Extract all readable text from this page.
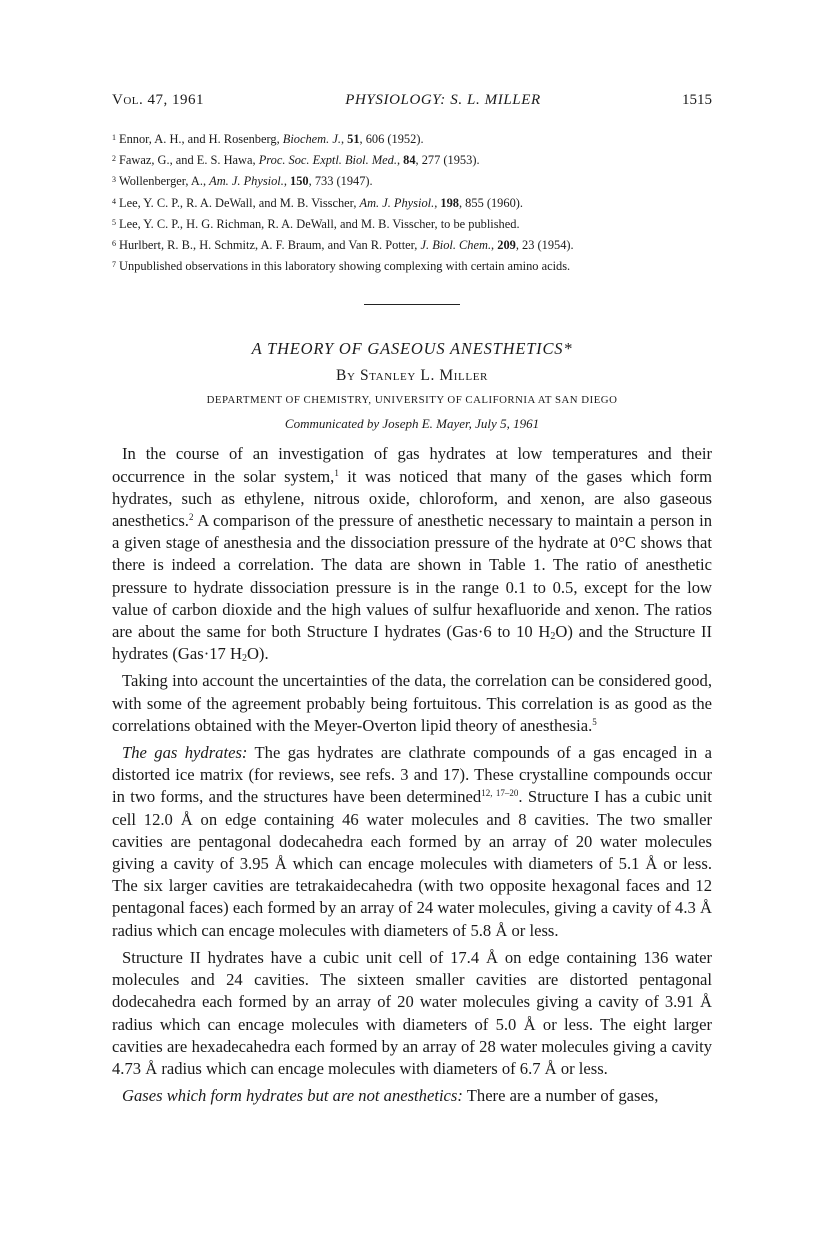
Vol. 47, 1961	PHYSIOLOGY: S. L. MILLER	1515
$^1$ Ennor, A. H., and H. Rosenberg, Biochem. J., 51, 606 (1952).
$^2$ Fawaz, G., and E. S. Hawa, Proc. Soc. Exptl. Biol. Med., 84, 277 (1953).
$^3$ Wollenberger, A., Am. J. Physiol., 150, 733 (1947).
$^4$ Lee, Y. C. P., R. A. DeWall, and M. B. Visscher, Am. J. Physiol., 198, 855 (1960).
$^5$ Lee, Y. C. P., H. G. Richman, R. A. DeWall, and M. B. Visscher, to be published.
$^6$ Hurlbert, R. B., H. Schmitz, A. F. Braum, and Van R. Potter, J. Biol. Chem., 209, 23 (1954).
$^7$ Unpublished observations in this laboratory showing complexing with certain amino acids.
A THEORY OF GASEOUS ANESTHETICS*
By Stanley L. Miller
DEPARTMENT OF CHEMISTRY, UNIVERSITY OF CALIFORNIA AT SAN DIEGO
Communicated by Joseph E. Mayer, July 5, 1961

In the course of an investigation of gas hydrates at low temperatures and their occurrence in the solar system,$^1$ it was noticed that many of the gases which form hydrates, such as ethylene, nitrous oxide, chloroform, and xenon, are also gaseous anesthetics.$^2$ A comparison of the pressure of anesthetic necessary to maintain a person in a given stage of anesthesia and the dissociation pressure of the hydrate at 0°C shows that there is indeed a correlation. The data are shown in Table 1. The ratio of anesthetic pressure to hydrate dissociation pressure is in the range 0.1 to 0.5, except for the low value of carbon dioxide and the high values of sulfur hexafluoride and xenon. The ratios are about the same for both Structure I hydrates (Gas·6 to 10 $H_2O$) and the Structure II hydrates (Gas·17 $H_2O$).

Taking into account the uncertainties of the data, the correlation can be considered good, with some of the agreement probably being fortuitous. This correlation is as good as the correlations obtained with the Meyer-Overton lipid theory of anesthesia.$^5$

The gas hydrates: The gas hydrates are clathrate compounds of a gas encaged in a distorted ice matrix (for reviews, see refs. 3 and 17). These crystalline compounds occur in two forms, and the structures have been determined$^{12, 17-20}$. Structure I has a cubic unit cell 12.0 Å on edge containing 46 water molecules and 8 cavities. The two smaller cavities are pentagonal dodecahedra each formed by an array of 20 water molecules giving a cavity of 3.95 Å which can encage molecules with diameters of 5.1 Å or less. The six larger cavities are tetrakaidecahedra (with two opposite hexagonal faces and 12 pentagonal faces) each formed by an array of 24 water molecules, giving a cavity of 4.3 Å radius which can encage molecules with diameters of 5.8 Å or less.

Structure II hydrates have a cubic unit cell of 17.4 Å on edge containing 136 water molecules and 24 cavities. The sixteen smaller cavities are distorted pentagonal dodecahedra each formed by an array of 20 water molecules giving a cavity of 3.91 Å radius which can encage molecules with diameters of 5.0 Å or less. The eight larger cavities are hexadecahedra each formed by an array of 28 water molecules giving a cavity 4.73 Å radius which can encage molecules with diameters of 6.7 Å or less.

Gases which form hydrates but are not anesthetics: There are a number of gases,
